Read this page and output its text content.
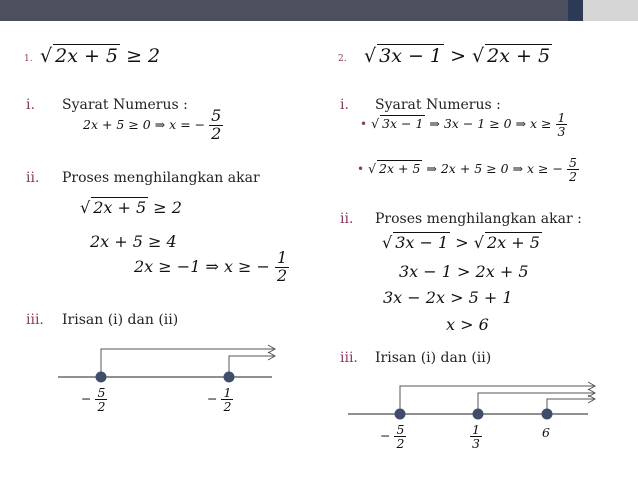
1. √ 2x + 5 ≥ 2
i. Syarat Numerus :
2x + 5 ≥ 0 ⇒ x = − $\frac{5}{2}$
ii. Proses menghilangkan akar
√ 2x + 5 ≥ 2
2x + 5 ≥ 4
2x ≥ −1 ⇒ x ≥ − $\frac{1}{2}$
iii. Irisan (i) dan (ii)
2. √ 3x − 1 > √ 2x + 5
i. Syarat Numerus :
• √ 3x − 1 ⇒ 3x − 1 ≥ 0 ⇒ $x \ge \frac{1}{3}$
• √ 2x + 5 ⇒ 2x + 5 ≥ 0 ⇒ x ≥ − $\frac{5}{2}$
ii. Proses menghilangkan akar :
√ 3x − 1 > √ 2x + 5
3x − 1 > 2x + 5
3x − 2x > 5 + 1
x > 6
iii. Irisan (i) dan (ii)
− $\frac{5}{2}$	− $\frac{1}{2}$
− $\frac{5}{2}$	$\frac{1}{3}$	6
